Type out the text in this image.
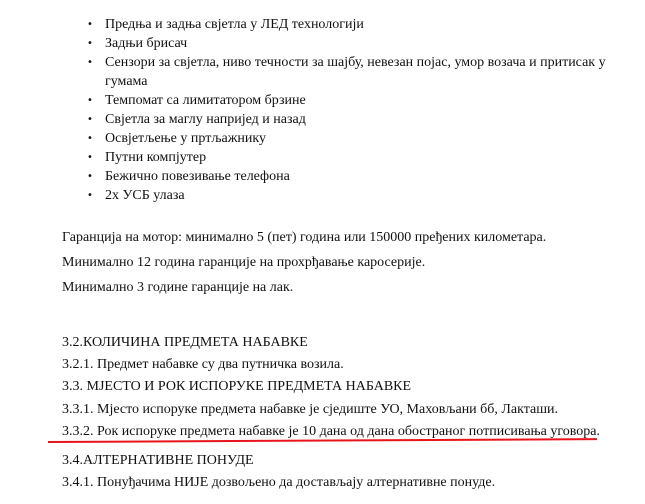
• Предња и задња свјетла у ЛЕД технологији
• Задњи брисач
• Сензори за свјетла, ниво течности за шајбу, невезан појас, умор возача и притисак у гумама
• Темпомат са лимитатором брзине
• Свјетла за маглу напријед и назад
• Освјетљење у пртљажнику
• Путни компјутер
• Бежично повезивање телефона
• 2х УСБ улаза
Гаранција на мотор: минимално 5 (пет) година или 150000 пређених километара.
Минимално 12 година гаранције на прохрђавање каросерије.
Минимално 3 године гаранције на лак.
3.2.КОЛИЧИНА ПРЕДМЕТА НАБАВКЕ
3.2.1. Предмет набавке су два путничка возила.
3.3. МЈЕСТО И РОК ИСПОРУКЕ ПРЕДМЕТА НАБАВКЕ
3.3.1. Мјесто испоруке предмета набавке је сједиште УО, Маховљани бб, Лакташи.
3.3.2. Рок испоруке предмета набавке је 10 дана од дана обостраног потписивања уговора.
3.4.АЛТЕРНАТИВНЕ ПОНУДЕ
3.4.1. Понуђачима НИЈЕ дозвољено да достављају алтернативне понуде.
